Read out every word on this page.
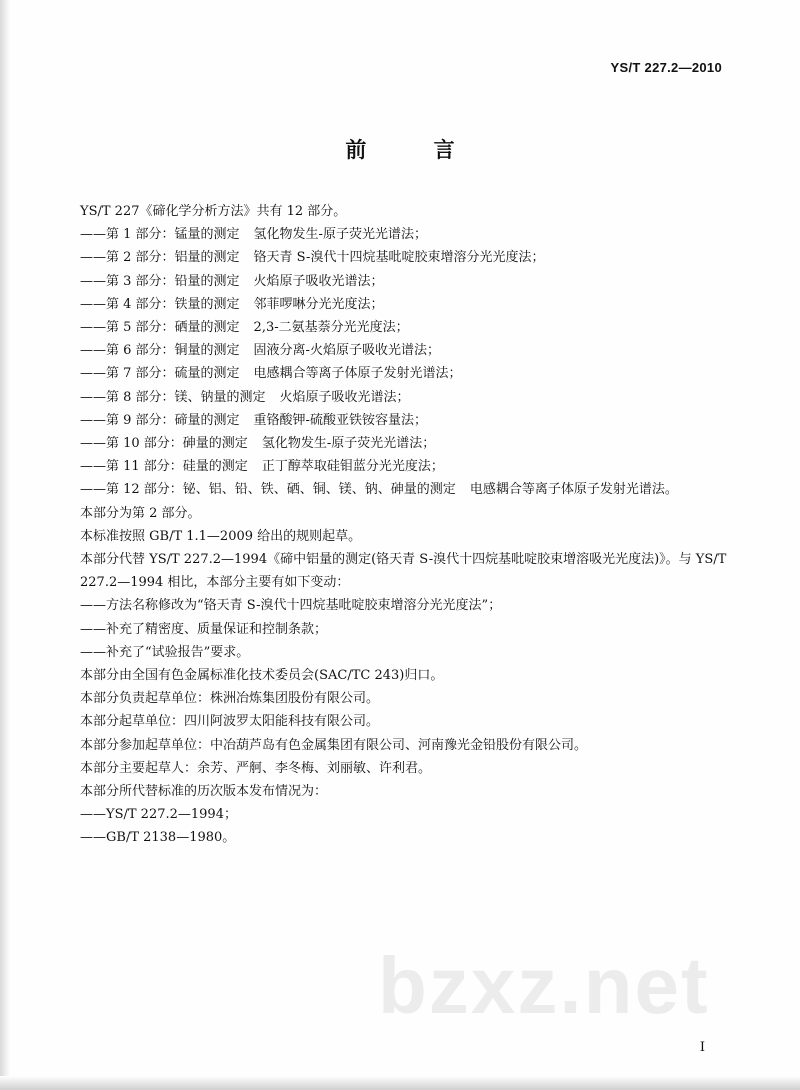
YS/T 227.2—2010
前 言
YS/T 227《碲化学分析方法》共有 12 部分。
——第 1 部分：锰量的测定 氢化物发生-原子荧光光谱法；
——第 2 部分：铝量的测定 铬天青 S-溴代十四烷基吡啶胶束增溶分光光度法；
——第 3 部分：铅量的测定 火焰原子吸收光谱法；
——第 4 部分：铁量的测定 邻菲啰啉分光光度法；
——第 5 部分：硒量的测定 2,3-二氨基萘分光光度法；
——第 6 部分：铜量的测定 固液分离-火焰原子吸收光谱法；
——第 7 部分：硫量的测定 电感耦合等离子体原子发射光谱法；
——第 8 部分：镁、钠量的测定 火焰原子吸收光谱法；
——第 9 部分：碲量的测定 重铬酸钾-硫酸亚铁铵容量法；
——第 10 部分：砷量的测定 氢化物发生-原子荧光光谱法；
——第 11 部分：硅量的测定 正丁醇萃取硅钼蓝分光光度法；
——第 12 部分：铋、铝、铅、铁、硒、铜、镁、钠、砷量的测定 电感耦合等离子体原子发射光谱法。
本部分为第 2 部分。
本标准按照 GB/T 1.1—2009 给出的规则起草。
本部分代替 YS/T 227.2—1994《碲中铝量的测定(铬天青 S-溴代十四烷基吡啶胶束增溶吸光光度法)》。与 YS/T 227.2—1994 相比，本部分主要有如下变动：
——方法名称修改为“铬天青 S-溴代十四烷基吡啶胶束增溶分光光度法”；
——补充了精密度、质量保证和控制条款；
——补充了“试验报告”要求。
本部分由全国有色金属标准化技术委员会(SAC/TC 243)归口。
本部分负责起草单位：株洲冶炼集团股份有限公司。
本部分起草单位：四川阿波罗太阳能科技有限公司。
本部分参加起草单位：中冶葫芦岛有色金属集团有限公司、河南豫光金铅股份有限公司。
本部分主要起草人：余芳、严舸、李冬梅、刘丽敏、许利君。
本部分所代替标准的历次版本发布情况为：
——YS/T 227.2—1994；
——GB/T 2138—1980。
bzxz.net
I
